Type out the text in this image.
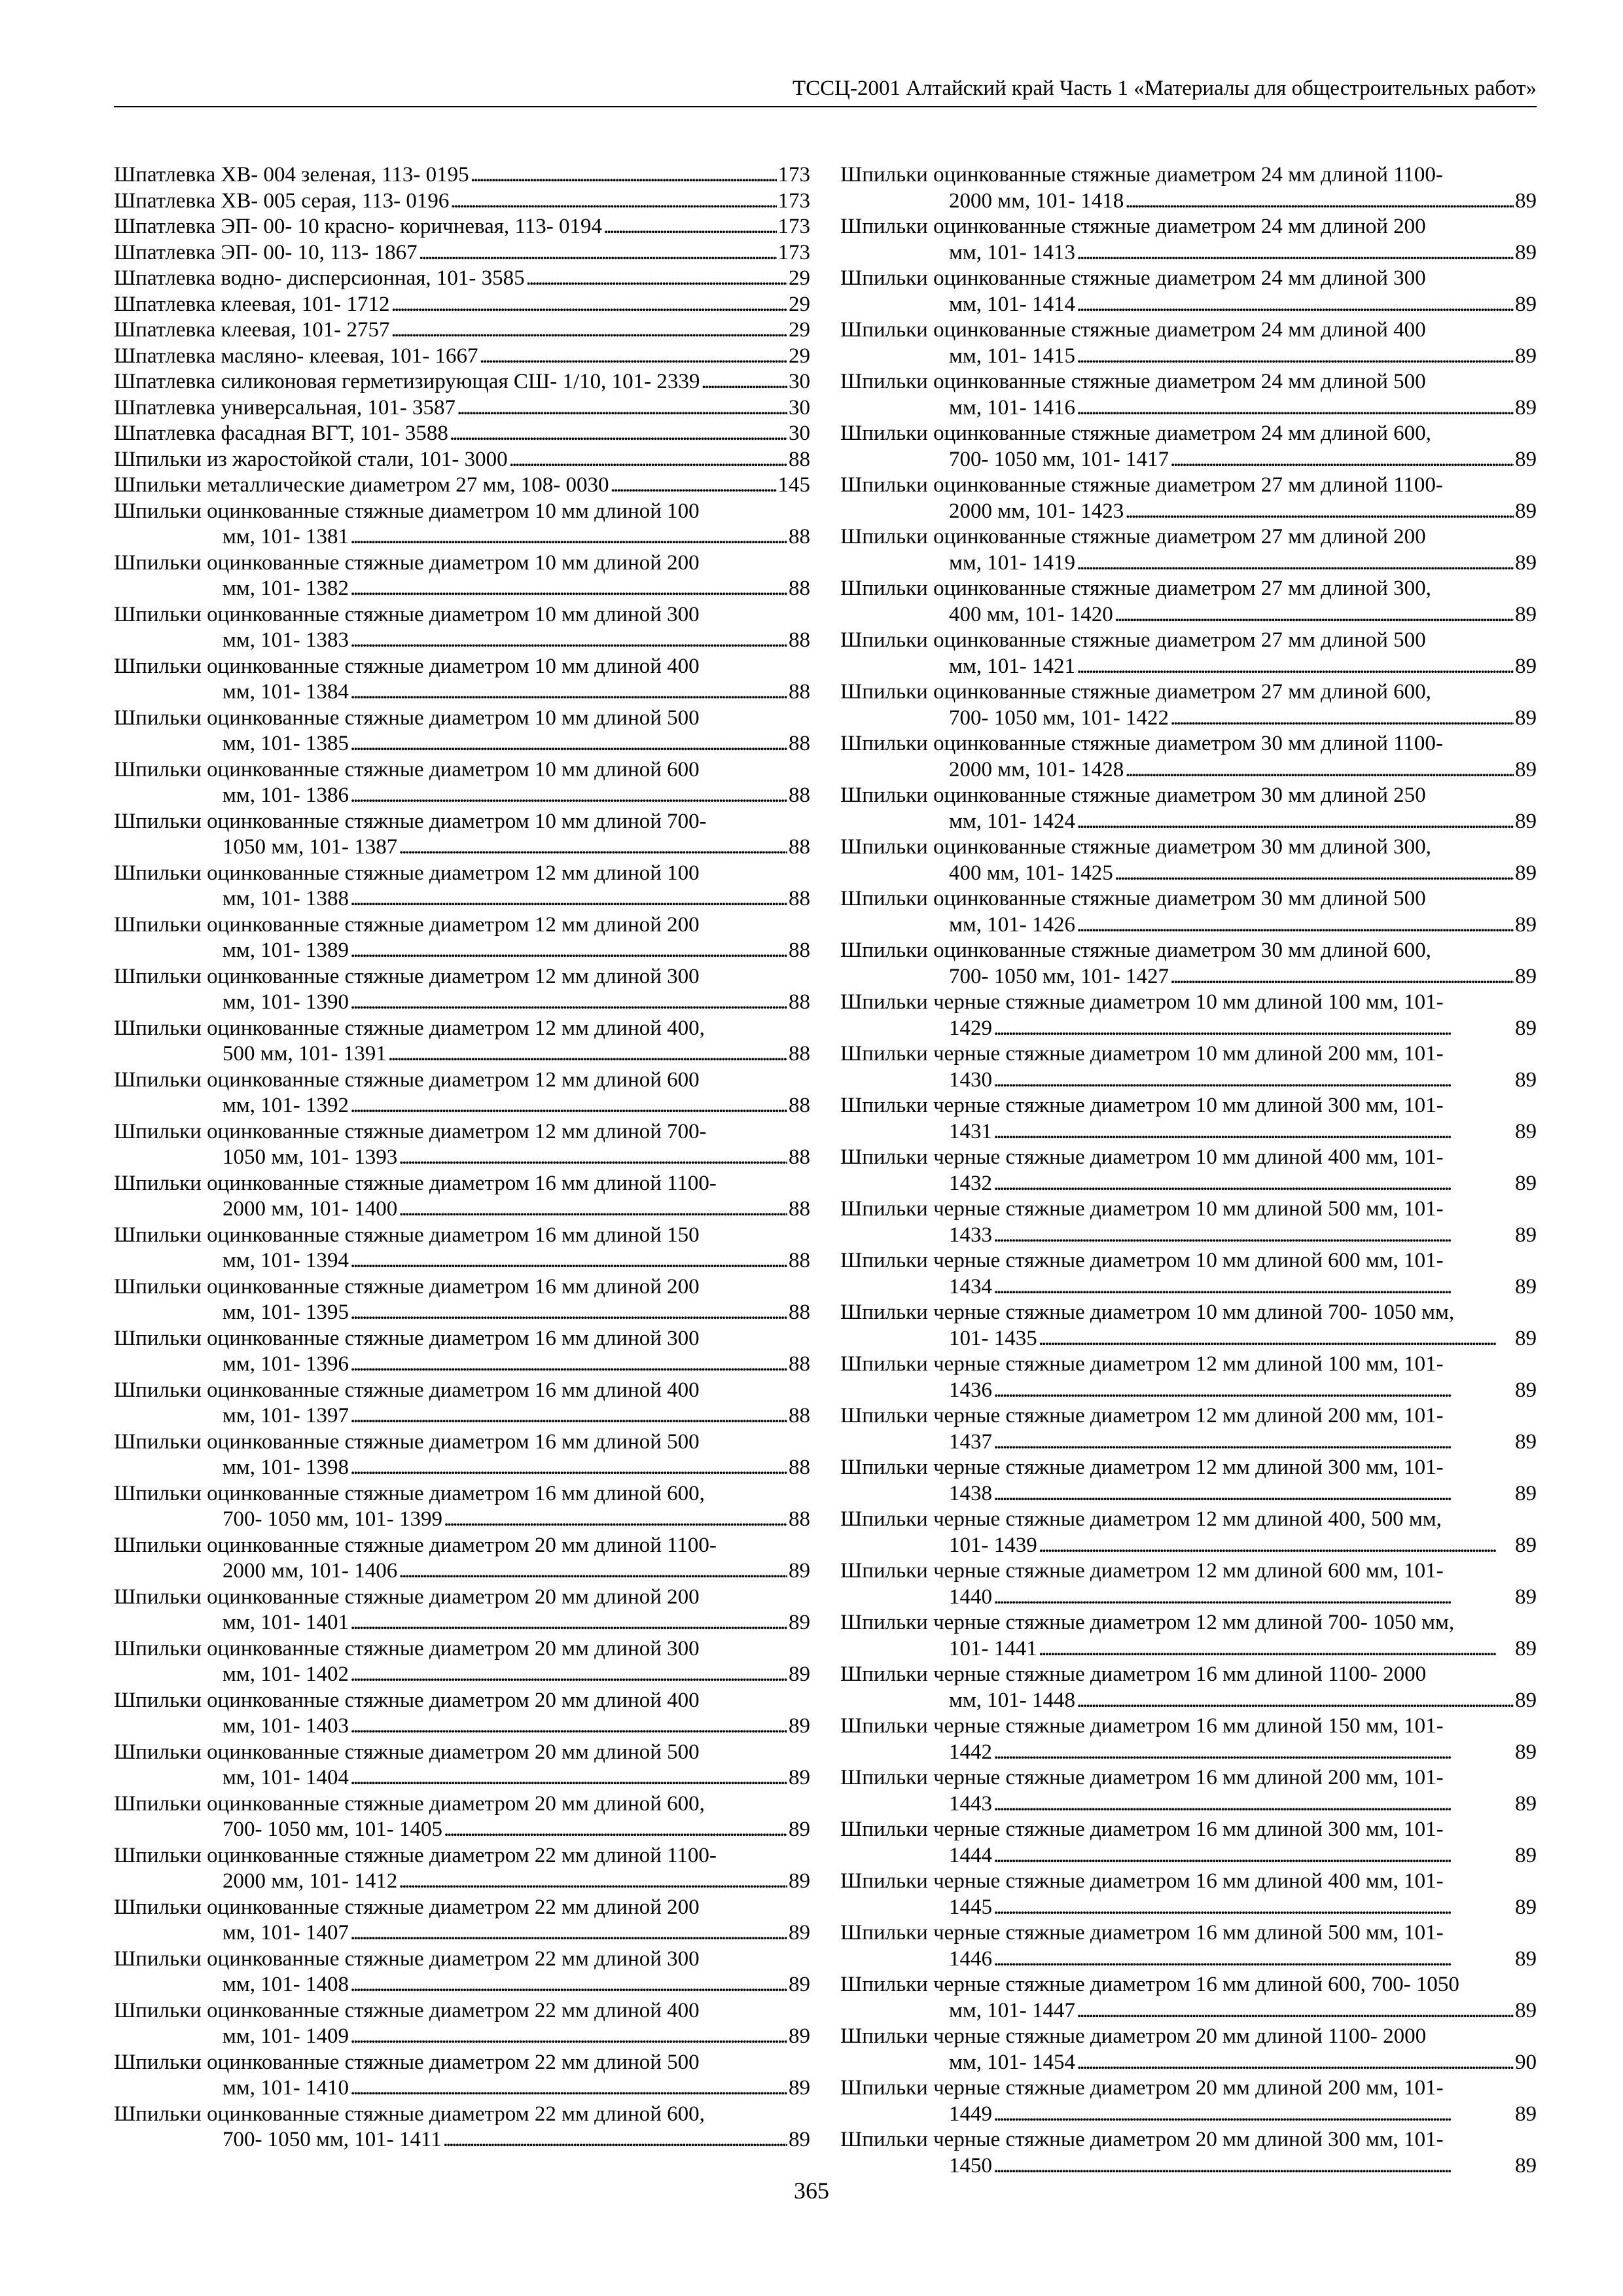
ТССЦ-2001 Алтайский край Часть 1 «Материалы для общестроительных работ»
Шпатлевка ХВ- 004 зеленая, 113- 0195 . . .	173
Шпатлевка ХВ- 005 серая, 113- 0196 . . .	173
Шпатлевка ЭП- 00- 10 красно- коричневая, 113- 0194 . . .	173
Шпатлевка ЭП- 00- 10, 113- 1867 . . .	173
Шпатлевка водно- дисперсионная, 101- 3585 . . .	29
Шпатлевка клеевая, 101- 1712 . . .	29
Шпатлевка клеевая, 101- 2757 . . .	29
Шпатлевка масляно- клеевая, 101- 1667 . . .	29
Шпатлевка силиконовая герметизирующая СШ- 1/10, 101- 2339 . . .	30
Шпатлевка универсальная, 101- 3587 . . .	30
Шпатлевка фасадная ВГТ, 101- 3588 . . .	30
Шпильки из жаростойкой стали, 101- 3000 . . .	88
Шпильки металлические диаметром 27 мм, 108- 0030 . . .	145
Шпильки оцинкованные стяжные диаметром 10 мм длиной 100
мм, 101- 1381 . . .	88
Шпильки оцинкованные стяжные диаметром 10 мм длиной 200
мм, 101- 1382 . . .	88
Шпильки оцинкованные стяжные диаметром 10 мм длиной 300
мм, 101- 1383 . . .	88
Шпильки оцинкованные стяжные диаметром 10 мм длиной 400
мм, 101- 1384 . . .	88
Шпильки оцинкованные стяжные диаметром 10 мм длиной 500
мм, 101- 1385 . . .	88
Шпильки оцинкованные стяжные диаметром 10 мм длиной 600
мм, 101- 1386 . . .	88
Шпильки оцинкованные стяжные диаметром 10 мм длиной 700-
1050 мм, 101- 1387 . . .	88
Шпильки оцинкованные стяжные диаметром 12 мм длиной 100
мм, 101- 1388 . . .	88
Шпильки оцинкованные стяжные диаметром 12 мм длиной 200
мм, 101- 1389 . . .	88
Шпильки оцинкованные стяжные диаметром 12 мм длиной 300
мм, 101- 1390 . . .	88
Шпильки оцинкованные стяжные диаметром 12 мм длиной 400,
500 мм, 101- 1391 . . .	88
Шпильки оцинкованные стяжные диаметром 12 мм длиной 600
мм, 101- 1392 . . .	88
Шпильки оцинкованные стяжные диаметром 12 мм длиной 700-
1050 мм, 101- 1393 . . .	88
Шпильки оцинкованные стяжные диаметром 16 мм длиной 1100-
2000 мм, 101- 1400 . . .	88
Шпильки оцинкованные стяжные диаметром 16 мм длиной 150
мм, 101- 1394 . . .	88
Шпильки оцинкованные стяжные диаметром 16 мм длиной 200
мм, 101- 1395 . . .	88
Шпильки оцинкованные стяжные диаметром 16 мм длиной 300
мм, 101- 1396 . . .	88
Шпильки оцинкованные стяжные диаметром 16 мм длиной 400
мм, 101- 1397 . . .	88
Шпильки оцинкованные стяжные диаметром 16 мм длиной 500
мм, 101- 1398 . . .	88
Шпильки оцинкованные стяжные диаметром 16 мм длиной 600,
700- 1050 мм, 101- 1399 . . .	88
Шпильки оцинкованные стяжные диаметром 20 мм длиной 1100-
2000 мм, 101- 1406 . . .	89
Шпильки оцинкованные стяжные диаметром 20 мм длиной 200
мм, 101- 1401 . . .	89
Шпильки оцинкованные стяжные диаметром 20 мм длиной 300
мм, 101- 1402 . . .	89
Шпильки оцинкованные стяжные диаметром 20 мм длиной 400
мм, 101- 1403 . . .	89
Шпильки оцинкованные стяжные диаметром 20 мм длиной 500
мм, 101- 1404 . . .	89
Шпильки оцинкованные стяжные диаметром 20 мм длиной 600,
700- 1050 мм, 101- 1405 . . .	89
Шпильки оцинкованные стяжные диаметром 22 мм длиной 1100-
2000 мм, 101- 1412 . . .	89
Шпильки оцинкованные стяжные диаметром 22 мм длиной 200
мм, 101- 1407 . . .	89
Шпильки оцинкованные стяжные диаметром 22 мм длиной 300
мм, 101- 1408 . . .	89
Шпильки оцинкованные стяжные диаметром 22 мм длиной 400
мм, 101- 1409 . . .	89
Шпильки оцинкованные стяжные диаметром 22 мм длиной 500
мм, 101- 1410 . . .	89
Шпильки оцинкованные стяжные диаметром 22 мм длиной 600,
700- 1050 мм, 101- 1411 . . .	89
Шпильки оцинкованные стяжные диаметром 24 мм длиной 1100-
2000 мм, 101- 1418 . . .	89
Шпильки оцинкованные стяжные диаметром 24 мм длиной 200
мм, 101- 1413 . . .	89
Шпильки оцинкованные стяжные диаметром 24 мм длиной 300
мм, 101- 1414 . . .	89
Шпильки оцинкованные стяжные диаметром 24 мм длиной 400
мм, 101- 1415 . . .	89
Шпильки оцинкованные стяжные диаметром 24 мм длиной 500
мм, 101- 1416 . . .	89
Шпильки оцинкованные стяжные диаметром 24 мм длиной 600,
700- 1050 мм, 101- 1417 . . .	89
Шпильки оцинкованные стяжные диаметром 27 мм длиной 1100-
2000 мм, 101- 1423 . . .	89
Шпильки оцинкованные стяжные диаметром 27 мм длиной 200
мм, 101- 1419 . . .	89
Шпильки оцинкованные стяжные диаметром 27 мм длиной 300,
400 мм, 101- 1420 . . .	89
Шпильки оцинкованные стяжные диаметром 27 мм длиной 500
мм, 101- 1421 . . .	89
Шпильки оцинкованные стяжные диаметром 27 мм длиной 600,
700- 1050 мм, 101- 1422 . . .	89
Шпильки оцинкованные стяжные диаметром 30 мм длиной 1100-
2000 мм, 101- 1428 . . .	89
Шпильки оцинкованные стяжные диаметром 30 мм длиной 250
мм, 101- 1424 . . .	89
Шпильки оцинкованные стяжные диаметром 30 мм длиной 300,
400 мм, 101- 1425 . . .	89
Шпильки оцинкованные стяжные диаметром 30 мм длиной 500
мм, 101- 1426 . . .	89
Шпильки оцинкованные стяжные диаметром 30 мм длиной 600,
700- 1050 мм, 101- 1427 . . .	89
Шпильки черные стяжные диаметром 10 мм длиной 100 мм, 101-
1429 . . .	89
Шпильки черные стяжные диаметром 10 мм длиной 200 мм, 101-
1430 . . .	89
Шпильки черные стяжные диаметром 10 мм длиной 300 мм, 101-
1431 . . .	89
Шпильки черные стяжные диаметром 10 мм длиной 400 мм, 101-
1432 . . .	89
Шпильки черные стяжные диаметром 10 мм длиной 500 мм, 101-
1433 . . .	89
Шпильки черные стяжные диаметром 10 мм длиной 600 мм, 101-
1434 . . .	89
Шпильки черные стяжные диаметром 10 мм длиной 700- 1050 мм,
101- 1435 . . .	89
Шпильки черные стяжные диаметром 12 мм длиной 100 мм, 101-
1436 . . .	89
Шпильки черные стяжные диаметром 12 мм длиной 200 мм, 101-
1437 . . .	89
Шпильки черные стяжные диаметром 12 мм длиной 300 мм, 101-
1438 . . .	89
Шпильки черные стяжные диаметром 12 мм длиной 400, 500 мм,
101- 1439 . . .	89
Шпильки черные стяжные диаметром 12 мм длиной 600 мм, 101-
1440 . . .	89
Шпильки черные стяжные диаметром 12 мм длиной 700- 1050 мм,
101- 1441 . . .	89
Шпильки черные стяжные диаметром 16 мм длиной 1100- 2000
мм, 101- 1448 . . .	89
Шпильки черные стяжные диаметром 16 мм длиной 150 мм, 101-
1442 . . .	89
Шпильки черные стяжные диаметром 16 мм длиной 200 мм, 101-
1443 . . .	89
Шпильки черные стяжные диаметром 16 мм длиной 300 мм, 101-
1444 . . .	89
Шпильки черные стяжные диаметром 16 мм длиной 400 мм, 101-
1445 . . .	89
Шпильки черные стяжные диаметром 16 мм длиной 500 мм, 101-
1446 . . .	89
Шпильки черные стяжные диаметром 16 мм длиной 600, 700- 1050
мм, 101- 1447 . . .	89
Шпильки черные стяжные диаметром 20 мм длиной 1100- 2000
мм, 101- 1454 . . .	90
Шпильки черные стяжные диаметром 20 мм длиной 200 мм, 101-
1449 . . .	89
Шпильки черные стяжные диаметром 20 мм длиной 300 мм, 101-
1450 . . .	89
365
